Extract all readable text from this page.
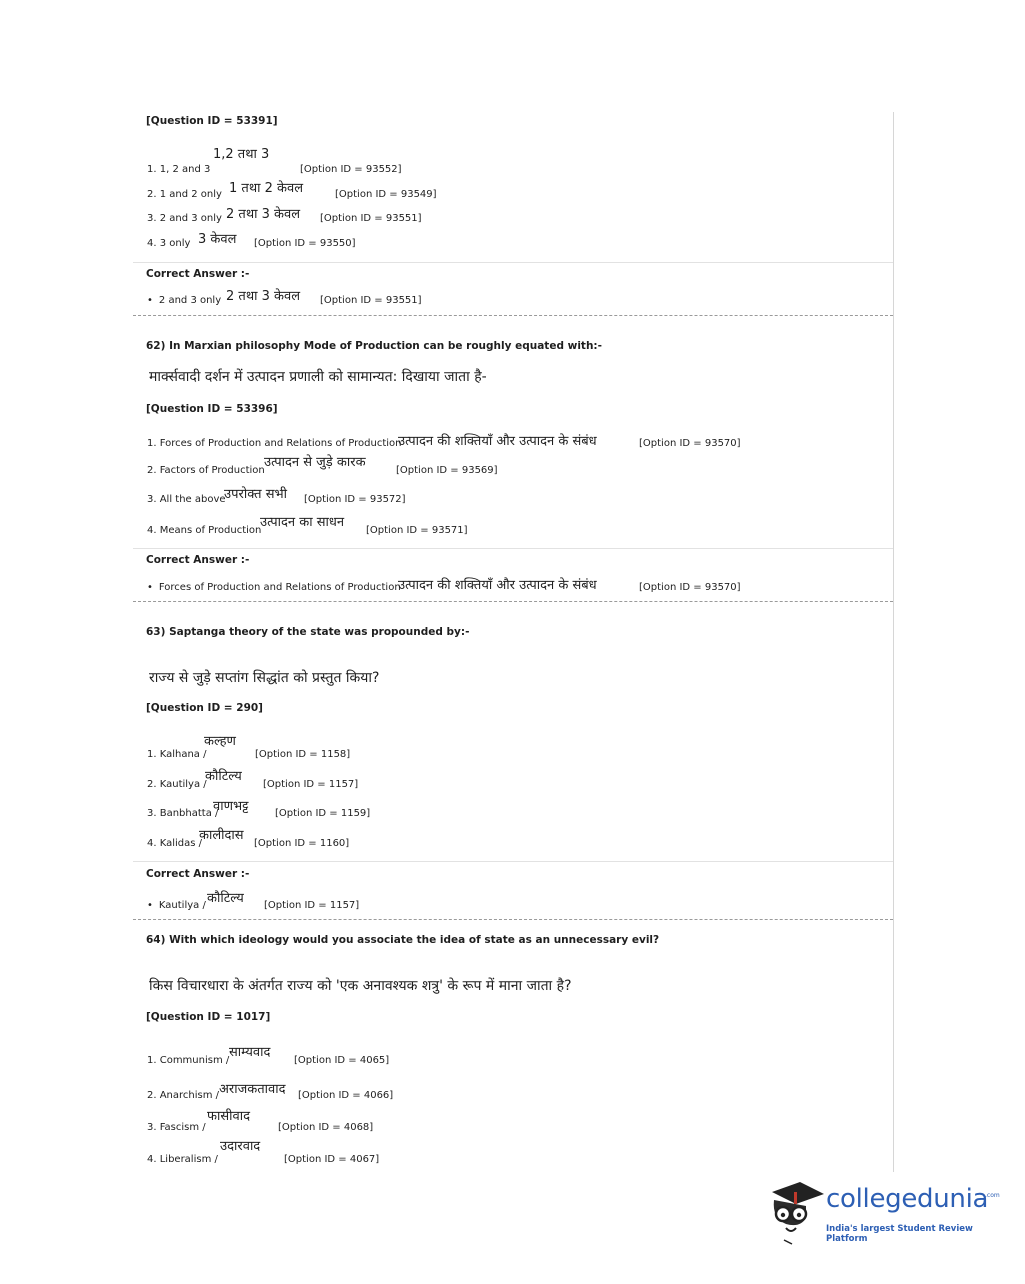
[Question ID = 53391]
1,2 तथा 3
1. 1, 2 and 3	[Option ID = 93552]
2. 1 and 2 only 1 तथा 2 केवल	[Option ID = 93549]
3. 2 and 3 only 2 तथा 3 केवल [Option ID = 93551]
4. 3 only 3 केवल [Option ID = 93550]
Correct Answer :-
• 2 and 3 only 2 तथा 3 केवल [Option ID = 93551]
62) In Marxian philosophy Mode of Production can be roughly equated with:-
मार्क्सवादी दर्शन में उत्पादन प्रणाली को सामान्यत: दिखाया जाता है-
[Question ID = 53396]
1. Forces of Production and Relations of Production
उत्पादन की शक्तियाँ और उत्पादन के संबंध	[Option ID = 93570]
2. Factors of Production
उत्पादन से जुड़े कारक
[Option ID = 93569]
3. All the above
उपरोक्त सभी [Option ID = 93572]
4. Means of Production
उत्पादन का साधन
[Option ID = 93571]
Correct Answer :-
• Forces of Production and Relations of Production
उत्पादन की शक्तियाँ और उत्पादन के संबंध	[Option ID = 93570]
63) Saptanga theory of the state was propounded by:-
राज्य से जुड़े सप्तांग सिद्धांत को प्रस्तुत किया?
[Question ID = 290]
1. Kalhana /
कल्हण
[Option ID = 1158]
2. Kautilya /
कौटिल्य
[Option ID = 1157]
3. Banbhatta /
वाणभट्ट	[Option ID = 1159]
4. Kalidas /
कालीदास
[Option ID = 1160]
Correct Answer :-
• Kautilya / कौटिल्य [Option ID = 1157]
64) With which ideology would you associate the idea of state as an unnecessary evil?
किस विचारधारा के अंतर्गत राज्य को 'एक अनावश्यक शत्रु' के रूप में माना जाता है?
[Question ID = 1017]
1. Communism /
साम्यवाद
[Option ID = 4065]
2. Anarchism / अराजकतावाद [Option ID = 4066]
3. Fascism /
फासीवाद
[Option ID = 4068]
4. Liberalism /
उदारवाद
[Option ID = 4067]
collegedunia
.com
India's largest Student Review Platform
